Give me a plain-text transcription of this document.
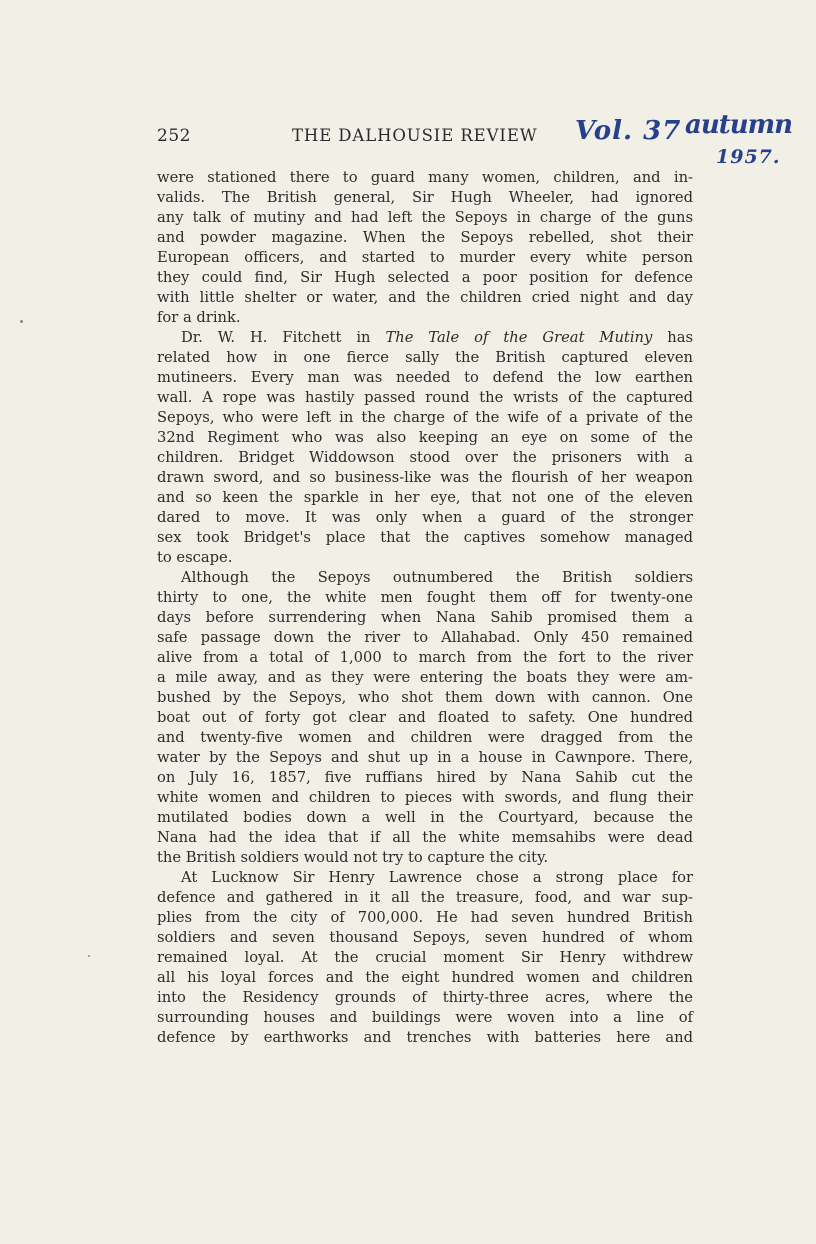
252	THE DALHOUSIE REVIEW Vol. 37 autumn
1957.
were stationed there to guard many women, children, and in-
valids. The British general, Sir Hugh Wheeler, had ignored
any talk of mutiny and had left the Sepoys in charge of the guns
and powder magazine. When the Sepoys rebelled, shot their
European officers, and started to murder every white person
they could find, Sir Hugh selected a poor position for defence
with little shelter or water, and the children cried night and day
for a drink.
Dr. W. H. Fitchett in The Tale of the Great Mutiny has
related how in one fierce sally the British captured eleven
mutineers. Every man was needed to defend the low earthen
wall. A rope was hastily passed round the wrists of the captured
Sepoys, who were left in the charge of the wife of a private of the
32nd Regiment who was also keeping an eye on some of the
children. Bridget Widdowson stood over the prisoners with a
drawn sword, and so business-like was the flourish of her weapon
and so keen the sparkle in her eye, that not one of the eleven
dared to move. It was only when a guard of the stronger
sex took Bridget's place that the captives somehow managed
to escape.
Although the Sepoys outnumbered the British soldiers
thirty to one, the white men fought them off for twenty-one
days before surrendering when Nana Sahib promised them a
safe passage down the river to Allahabad. Only 450 remained
alive from a total of 1,000 to march from the fort to the river
a mile away, and as they were entering the boats they were am-
bushed by the Sepoys, who shot them down with cannon. One
boat out of forty got clear and floated to safety. One hundred
and twenty-five women and children were dragged from the
water by the Sepoys and shut up in a house in Cawnpore. There,
on July 16, 1857, five ruffians hired by Nana Sahib cut the
white women and children to pieces with swords, and flung their
mutilated bodies down a well in the Courtyard, because the
Nana had the idea that if all the white memsahibs were dead
the British soldiers would not try to capture the city.
At Lucknow Sir Henry Lawrence chose a strong place for
defence and gathered in it all the treasure, food, and war sup-
plies from the city of 700,000. He had seven hundred British
soldiers and seven thousand Sepoys, seven hundred of whom
remained loyal. At the crucial moment Sir Henry withdrew
all his loyal forces and the eight hundred women and children
into the Residency grounds of thirty-three acres, where the
surrounding houses and buildings were woven into a line of
defence by earthworks and trenches with batteries here and
